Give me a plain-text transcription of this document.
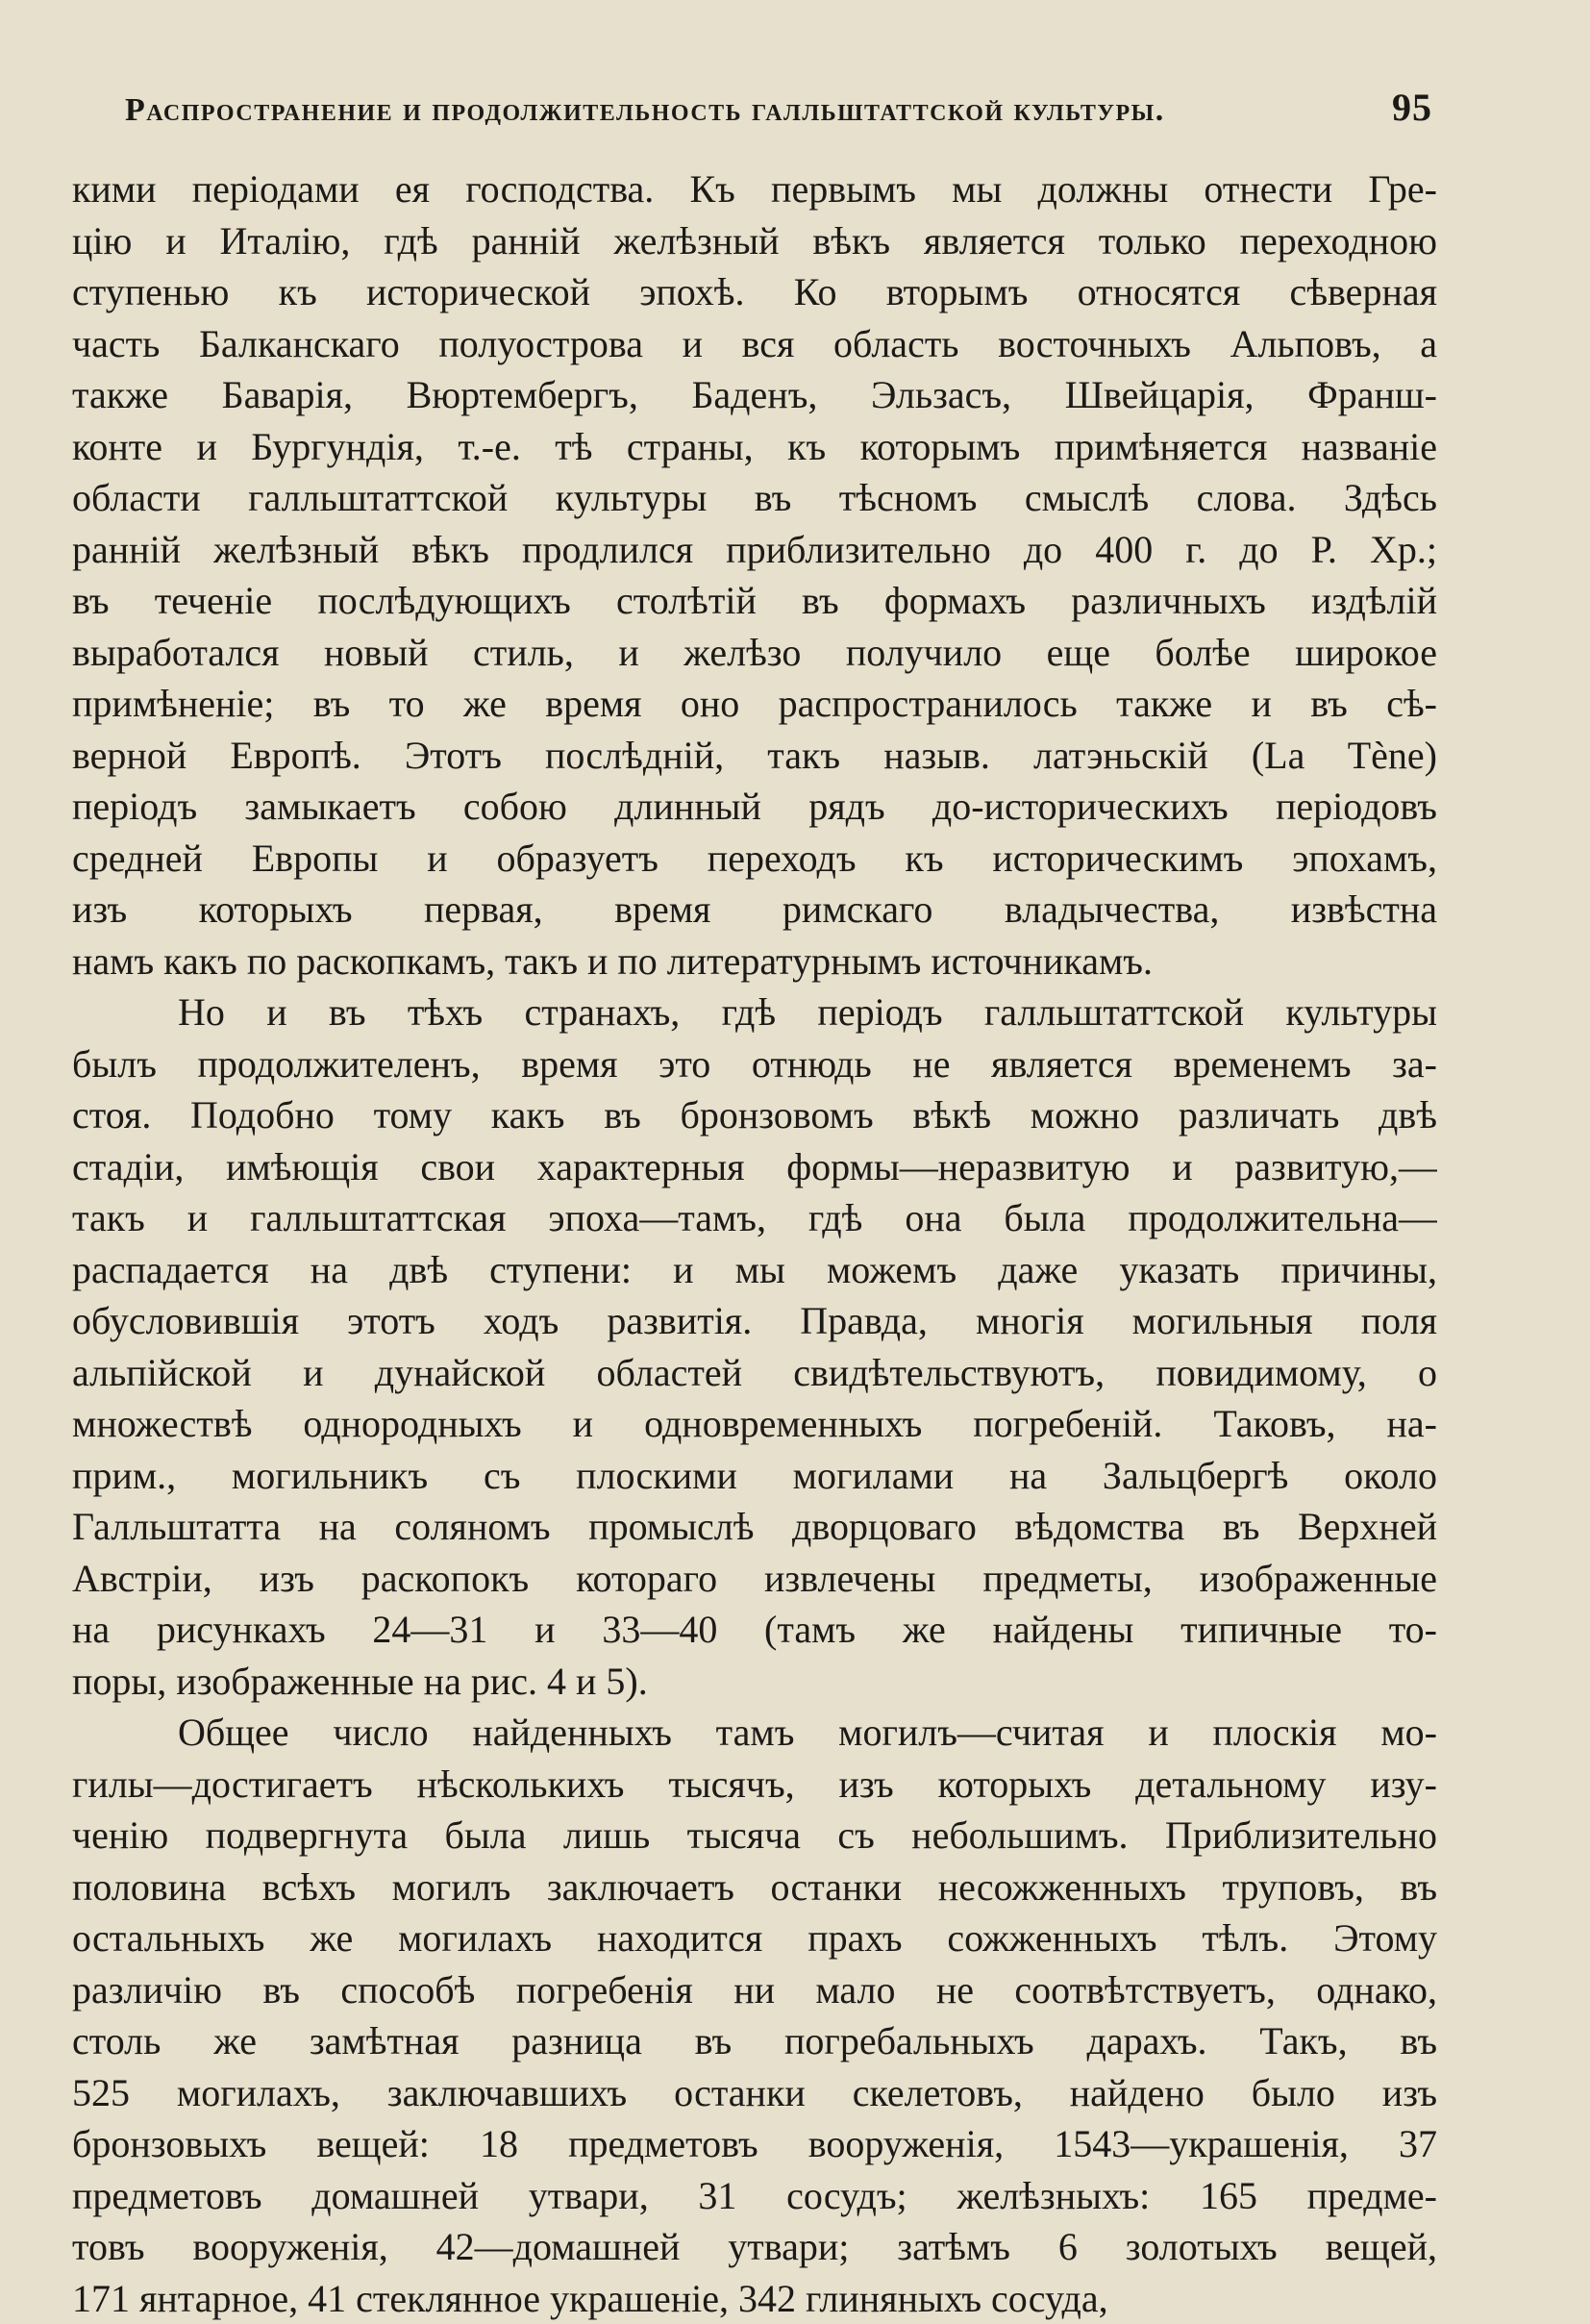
Распространение и продолжительность галльштаттской культуры.	95
кими періодами ея господства. Къ первымъ мы должны отнести Гре-
цію и Италію, гдѣ ранній желѣзный вѣкъ является только переходною
ступенью къ исторической эпохѣ. Ко вторымъ относятся сѣверная
часть Балканскаго полуострова и вся область восточныхъ Альповъ, а
также Баварія, Вюртембергъ, Баденъ, Эльзасъ, Швейцарія, Франш-
конте и Бургундія, т.-е. тѣ страны, къ которымъ примѣняется названіе
области галльштаттской культуры въ тѣсномъ смыслѣ слова. Здѣсь
ранній желѣзный вѣкъ продлился приблизительно до 400 г. до Р. Хр.;
въ теченіе послѣдующихъ столѣтій въ формахъ различныхъ издѣлій
выработался новый стиль, и желѣзо получило еще болѣе широкое
примѣненіе; въ то же время оно распространилось также и въ сѣ-
верной Европѣ. Этотъ послѣдній, такъ назыв. латэньскій (La Tène)
періодъ замыкаетъ собою длинный рядъ до-историческихъ періодовъ
средней Европы и образуетъ переходъ къ историческимъ эпохамъ,
изъ которыхъ первая, время римскаго владычества, извѣстна
намъ какъ по раскопкамъ, такъ и по литературнымъ источникамъ.
Но и въ тѣхъ странахъ, гдѣ періодъ галльштаттской культуры
былъ продолжителенъ, время это отнюдь не является временемъ за-
стоя. Подобно тому какъ въ бронзовомъ вѣкѣ можно различать двѣ
стадіи, имѣющія свои характерныя формы—неразвитую и развитую,—
такъ и галльштаттская эпоха—тамъ, гдѣ она была продолжительна—
распадается на двѣ ступени: и мы можемъ даже указать причины,
обусловившія этотъ ходъ развитія. Правда, многія могильныя поля
альпійской и дунайской областей свидѣтельствуютъ, повидимому, о
множествѣ однородныхъ и одновременныхъ погребеній. Таковъ, на-
прим., могильникъ съ плоскими могилами на Зальцбергѣ около
Галльштатта на соляномъ промыслѣ дворцоваго вѣдомства въ Верхней
Австріи, изъ раскопокъ котораго извлечены предметы, изображенные
на рисункахъ 24—31 и 33—40 (тамъ же найдены типичные то-
поры, изображенные на рис. 4 и 5).
Общее число найденныхъ тамъ могилъ—считая и плоскія мо-
гилы—достигаетъ нѣсколькихъ тысячъ, изъ которыхъ детальному изу-
ченію подвергнута была лишь тысяча съ небольшимъ. Приблизительно
половина всѣхъ могилъ заключаетъ останки несожженныхъ труповъ, въ
остальныхъ же могилахъ находится прахъ сожженныхъ тѣлъ. Этому
различію въ способѣ погребенія ни мало не соотвѣтствуетъ, однако,
столь же замѣтная разница въ погребальныхъ дарахъ. Такъ, въ
525 могилахъ, заключавшихъ останки скелетовъ, найдено было изъ
бронзовыхъ вещей: 18 предметовъ вооруженія, 1543—украшенія, 37
предметовъ домашней утвари, 31 сосудъ; желѣзныхъ: 165 предме-
товъ вооруженія, 42—домашней утвари; затѣмъ 6 золотыхъ вещей,
171 янтарное, 41 стеклянное украшеніе, 342 глиняныхъ сосуда,
